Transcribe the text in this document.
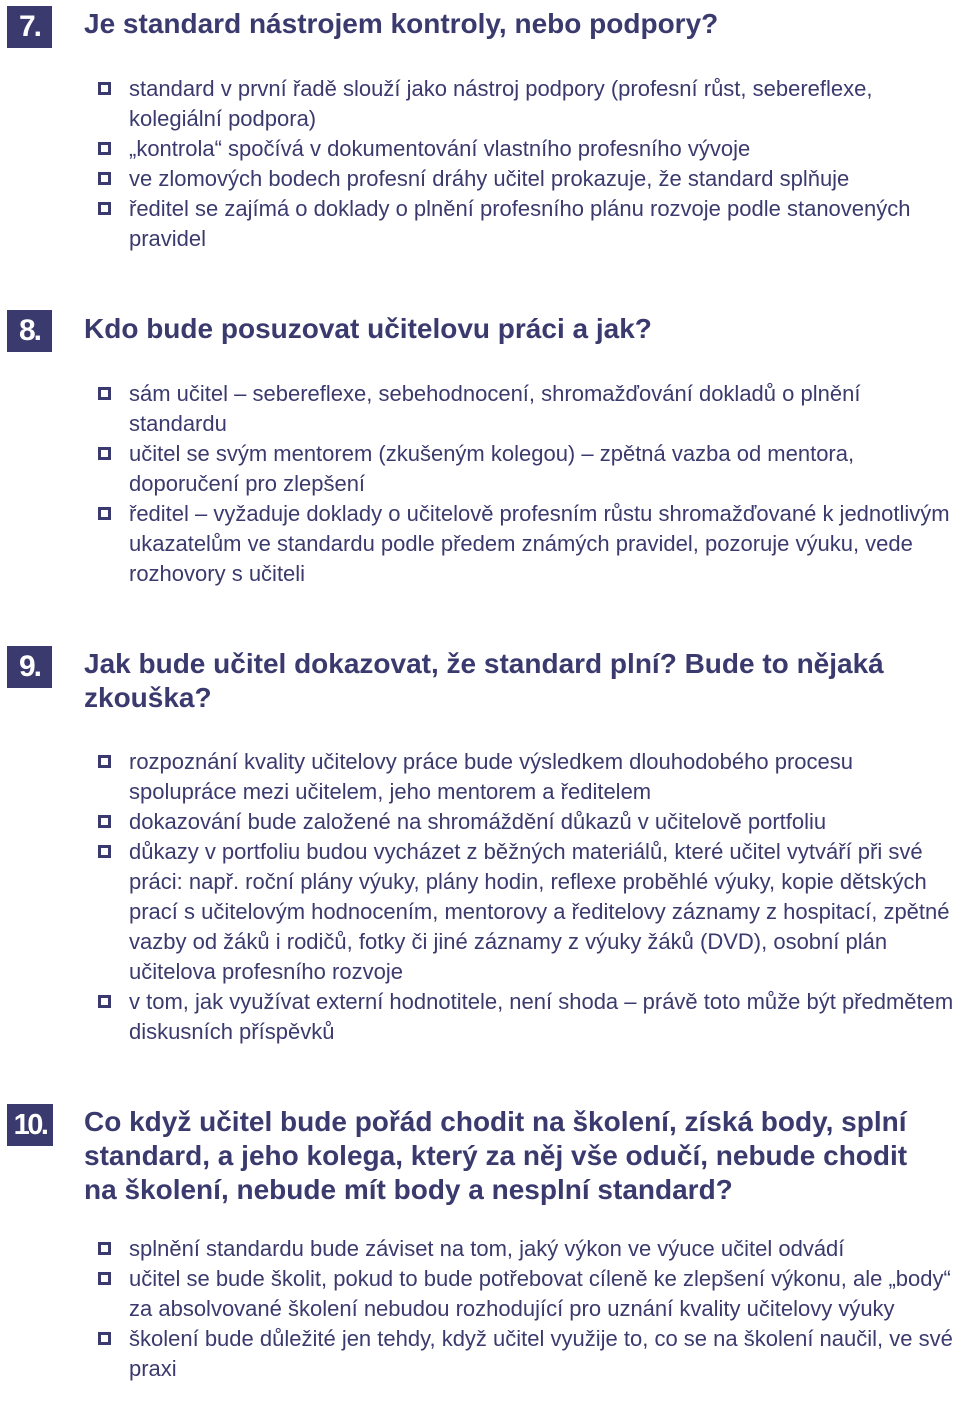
7.	Je standard nástrojem kontroly, nebo podpory?
standard v první řadě slouží jako nástroj podpory (profesní růst, sebereflexe, kolegiální podpora)
„kontrola“ spočívá v dokumentování vlastního profesního vývoje
ve zlomových bodech profesní dráhy učitel prokazuje, že standard splňuje
ředitel se zajímá o doklady o plnění profesního plánu rozvoje podle stanovených pravidel
8.	Kdo bude posuzovat učitelovu práci a jak?
sám učitel – sebereflexe, sebehodnocení, shromažďování dokladů o plnění standardu
učitel se svým mentorem (zkušeným kolegou) – zpětná vazba od mentora, doporučení pro zlepšení
ředitel – vyžaduje doklady o učitelově profesním růstu shromažďované k jednotlivým ukazatelům ve standardu podle předem známých pravidel, pozoruje výuku, vede rozhovory s učiteli
9.	Jak bude učitel dokazovat, že standard plní? Bude to nějaká zkouška?
rozpoznání kvality učitelovy práce bude výsledkem dlouhodobého procesu spolupráce mezi učitelem, jeho mentorem a ředitelem
dokazování bude založené na shromáždění důkazů v učitelově portfoliu
důkazy v portfoliu budou vycházet z běžných materiálů, které učitel vytváří při své práci: např. roční plány výuky, plány hodin, reflexe proběhlé výuky, kopie dětských prací s učitelovým hodnocením, mentorovy a ředitelovy záznamy z hospitací, zpětné vazby od žáků i rodičů, fotky či jiné záznamy z výuky žáků (DVD), osobní plán učitelova profesního rozvoje
v tom, jak využívat externí hodnotitele, není shoda – právě toto může být předmětem diskusních příspěvků
10. Co když učitel bude pořád chodit na školení, získá body, splní standard, a jeho kolega, který za něj vše odučí, nebude chodit na školení, nebude mít body a nesplní standard?
splnění standardu bude záviset na tom, jaký výkon ve výuce učitel odvádí
učitel se bude školit, pokud to bude potřebovat cíleně ke zlepšení výkonu, ale „body“ za absolvované školení nebudou rozhodující pro uznání kvality učitelovy výuky
školení bude důležité jen tehdy, když učitel využije to, co se na školení naučil, ve své praxi
